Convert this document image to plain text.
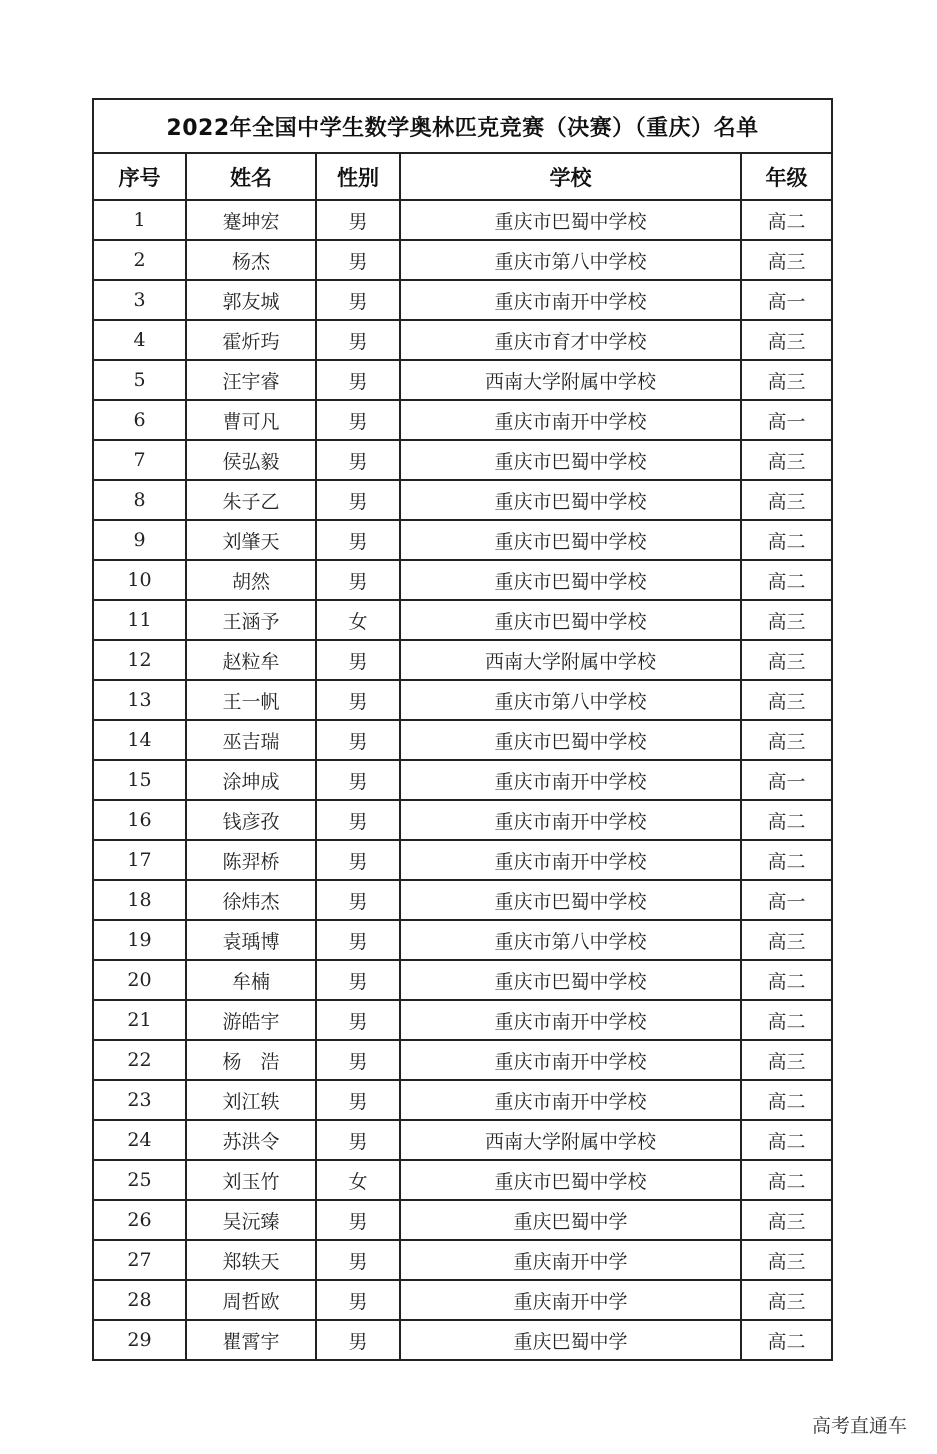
2022年全国中学生数学奥林匹克竞赛（决赛）（重庆）名单				
序号	姓名	性别	学校	年级
1	蹇坤宏	男	重庆市巴蜀中学校	高二
2	杨杰	男	重庆市第八中学校	高三
3	郭友城	男	重庆市南开中学校	高一
4	霍炘玙	男	重庆市育才中学校	高三
5	汪宇睿	男	西南大学附属中学校	高三
6	曹可凡	男	重庆市南开中学校	高一
7	侯弘毅	男	重庆市巴蜀中学校	高三
8	朱子乙	男	重庆市巴蜀中学校	高三
9	刘肇天	男	重庆市巴蜀中学校	高二
10	胡然	男	重庆市巴蜀中学校	高二
11	王涵予	女	重庆市巴蜀中学校	高三
12	赵粒牟	男	西南大学附属中学校	高三
13	王一帆	男	重庆市第八中学校	高三
14	巫吉瑞	男	重庆市巴蜀中学校	高三
15	涂坤成	男	重庆市南开中学校	高一
16	钱彦孜	男	重庆市南开中学校	高二
17	陈羿桥	男	重庆市南开中学校	高二
18	徐炜杰	男	重庆市巴蜀中学校	高一
19	袁瑀博	男	重庆市第八中学校	高三
20	牟楠	男	重庆市巴蜀中学校	高二
21	游皓宇	男	重庆市南开中学校	高二
22	杨　浩	男	重庆市南开中学校	高三
23	刘江轶	男	重庆市南开中学校	高二
24	苏洪令	男	西南大学附属中学校	高二
25	刘玉竹	女	重庆市巴蜀中学校	高二
26	吴沅臻	男	重庆巴蜀中学	高三
27	郑轶天	男	重庆南开中学	高三
28	周哲欧	男	重庆南开中学	高三
29	瞿霄宇	男	重庆巴蜀中学	高二
高考直通车
